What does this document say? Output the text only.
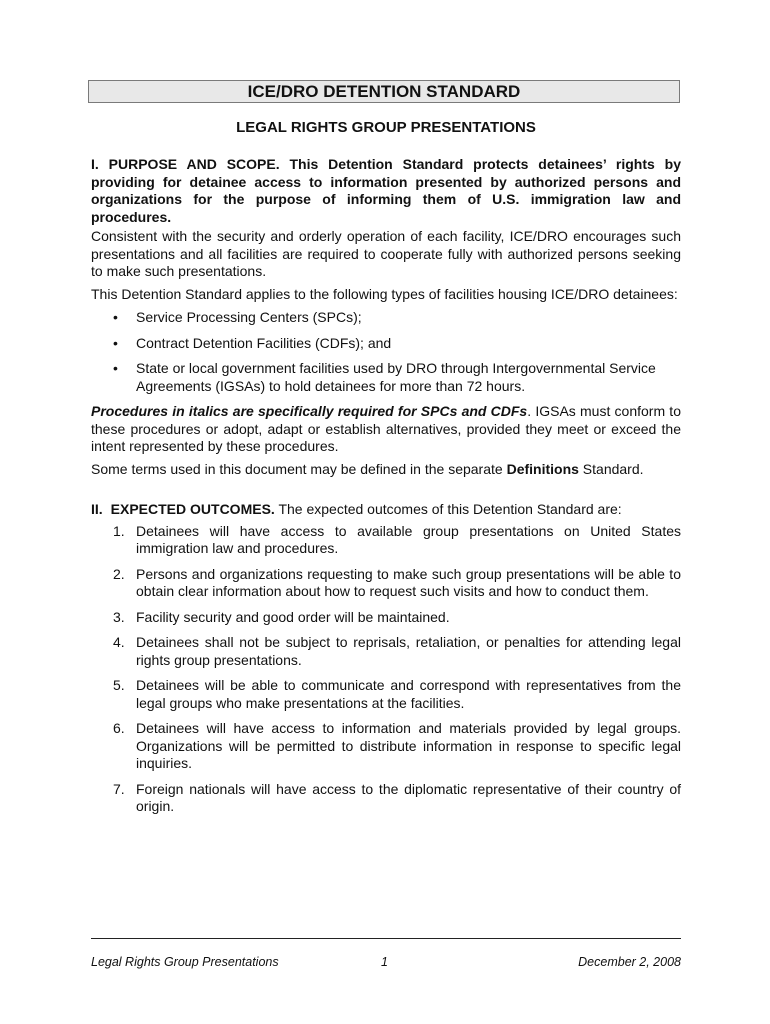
ICE/DRO DETENTION STANDARD
LEGAL RIGHTS GROUP PRESENTATIONS

I. PURPOSE AND SCOPE. This Detention Standard protects detainees’ rights by providing for detainee access to information presented by authorized persons and organizations for the purpose of informing them of U.S. immigration law and procedures.

Consistent with the security and orderly operation of each facility, ICE/DRO encourages such presentations and all facilities are required to cooperate fully with authorized persons seeking to make such presentations.

This Detention Standard applies to the following types of facilities housing ICE/DRO detainees:

• Service Processing Centers (SPCs);
• Contract Detention Facilities (CDFs); and
• State or local government facilities used by DRO through Intergovernmental Service Agreements (IGSAs) to hold detainees for more than 72 hours.

Procedures in italics are specifically required for SPCs and CDFs. IGSAs must conform to these procedures or adopt, adapt or establish alternatives, provided they meet or exceed the intent represented by these procedures.

Some terms used in this document may be defined in the separate Definitions Standard.

II. EXPECTED OUTCOMES. The expected outcomes of this Detention Standard are:

1. Detainees will have access to available group presentations on United States immigration law and procedures.
2. Persons and organizations requesting to make such group presentations will be able to obtain clear information about how to request such visits and how to conduct them.
3. Facility security and good order will be maintained.
4. Detainees shall not be subject to reprisals, retaliation, or penalties for attending legal rights group presentations.
5. Detainees will be able to communicate and correspond with representatives from the legal groups who make presentations at the facilities.
6. Detainees will have access to information and materials provided by legal groups. Organizations will be permitted to distribute information in response to specific legal inquiries.
7. Foreign nationals will have access to the diplomatic representative of their country of origin.
Legal Rights Group Presentations	1	December 2, 2008
